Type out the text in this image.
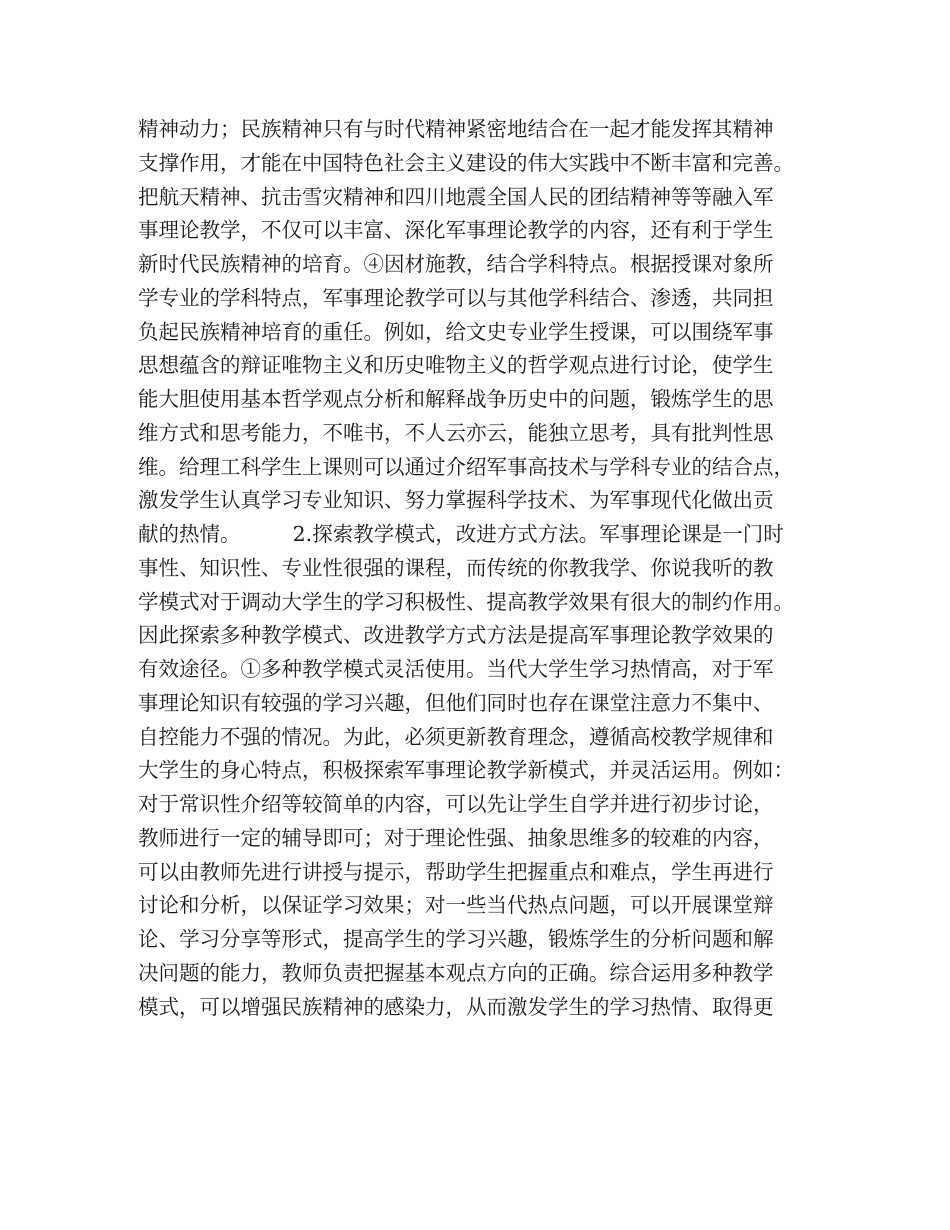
精神动力；民族精神只有与时代精神紧密地结合在一起才能发挥其精神
支撑作用，才能在中国特色社会主义建设的伟大实践中不断丰富和完善。
把航天精神、抗击雪灾精神和四川地震全国人民的团结精神等等融入军
事理论教学，不仅可以丰富、深化军事理论教学的内容，还有利于学生
新时代民族精神的培育。④因材施教，结合学科特点。根据授课对象所
学专业的学科特点，军事理论教学可以与其他学科结合、渗透，共同担
负起民族精神培育的重任。例如，给文史专业学生授课，可以围绕军事
思想蕴含的辩证唯物主义和历史唯物主义的哲学观点进行讨论，使学生
能大胆使用基本哲学观点分析和解释战争历史中的问题，锻炼学生的思
维方式和思考能力，不唯书，不人云亦云，能独立思考，具有批判性思
维。给理工科学生上课则可以通过介绍军事高技术与学科专业的结合点，
激发学生认真学习专业知识、努力掌握科学技术、为军事现代化做出贡
献的热情。        2.探索教学模式，改进方式方法。军事理论课是一门时
事性、知识性、专业性很强的课程，而传统的你教我学、你说我听的教
学模式对于调动大学生的学习积极性、提高教学效果有很大的制约作用。
因此探索多种教学模式、改进教学方式方法是提高军事理论教学效果的
有效途径。①多种教学模式灵活使用。当代大学生学习热情高，对于军
事理论知识有较强的学习兴趣，但他们同时也存在课堂注意力不集中、
自控能力不强的情况。为此，必须更新教育理念，遵循高校教学规律和
大学生的身心特点，积极探索军事理论教学新模式，并灵活运用。例如：
对于常识性介绍等较简单的内容，可以先让学生自学并进行初步讨论，
教师进行一定的辅导即可；对于理论性强、抽象思维多的较难的内容，
可以由教师先进行讲授与提示，帮助学生把握重点和难点，学生再进行
讨论和分析，以保证学习效果；对一些当代热点问题，可以开展课堂辩
论、学习分享等形式，提高学生的学习兴趣，锻炼学生的分析问题和解
决问题的能力，教师负责把握基本观点方向的正确。综合运用多种教学
模式，可以增强民族精神的感染力，从而激发学生的学习热情、取得更
